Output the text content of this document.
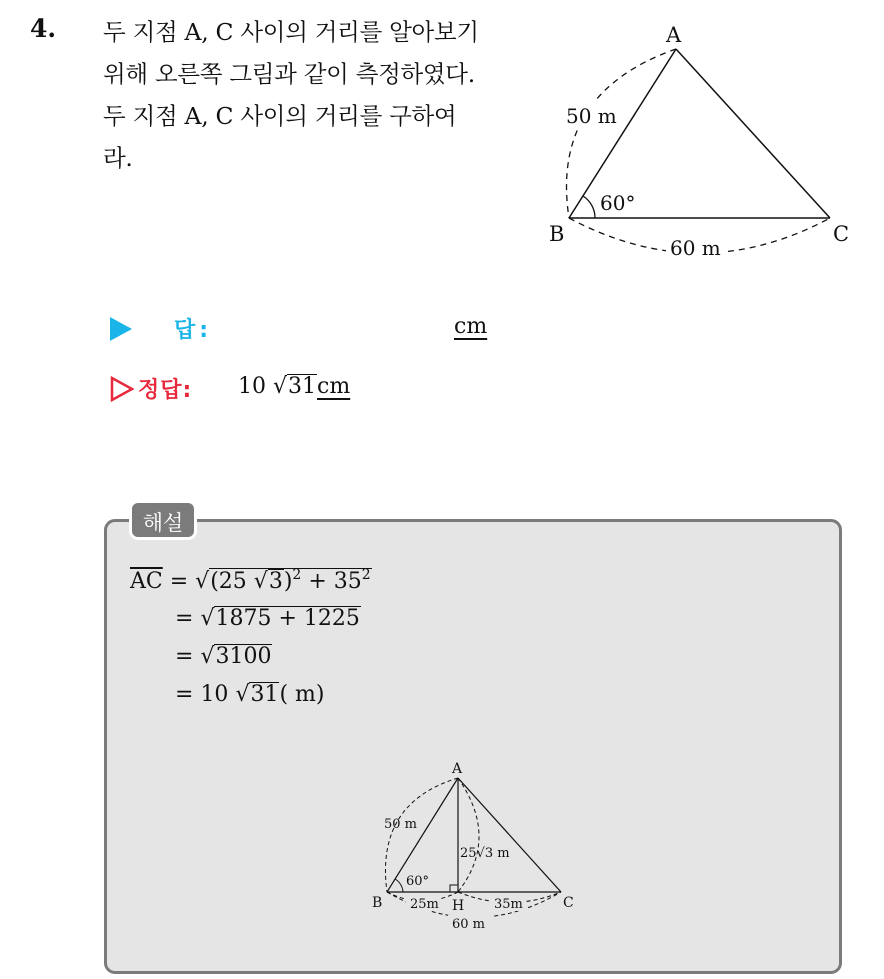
4. 두 지점 A, C 사이의 거리를 알아보기
위해 오른쪽 그림과 같이 측정하였다.
두 지점 A, C 사이의 거리를 구하여
라.
A
B	C
50 m
60 m
60°
답:	cm
정답: 10 √31cm
해설
$\overline{AC} = √(25$ $√3)^2 + 35^2$
= √1875 + 1225
= √3100
= 10 √31( m)
A
B	C
H
50 m
25√3 m
60°
25m	35m
60 m
